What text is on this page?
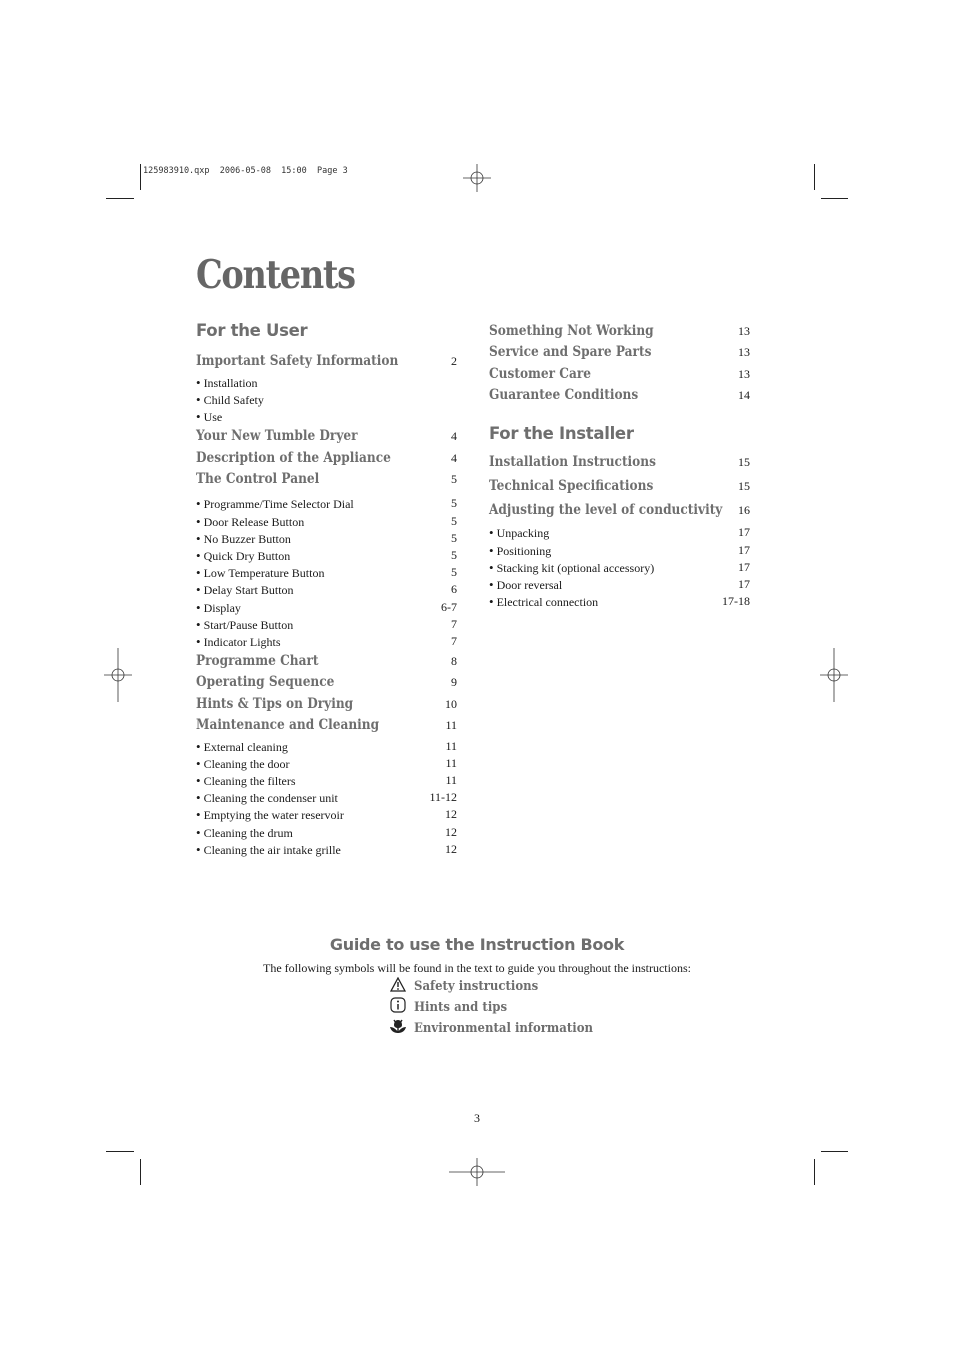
125983910.qxp  2006-05-08  15:00  Page 3
Contents
For the User
Important Safety Information	2
• Installation
• Child Safety
• Use
Your New Tumble Dryer	4
Description of the Appliance	4
The Control Panel	5
• Programme/Time Selector Dial	5
• Door Release Button	5
• No Buzzer Button	5
• Quick Dry Button	5
• Low Temperature Button	5
• Delay Start Button	6
• Display	6-7
• Start/Pause Button	7
• Indicator Lights	7
Programme Chart	8
Operating Sequence	9
Hints & Tips on Drying	10
Maintenance and Cleaning	11
• External cleaning	11
• Cleaning the door	11
• Cleaning the filters	11
• Cleaning the condenser unit	11-12
• Emptying the water reservoir	12
• Cleaning the drum	12
• Cleaning the air intake grille	12
Something Not Working	13
Service and Spare Parts	13
Customer Care	13
Guarantee Conditions	14
For the Installer
Installation Instructions	15
Technical Specifications	15
Adjusting the level of conductivity	16
• Unpacking	17
• Positioning	17
• Stacking kit (optional accessory)	17
• Door reversal	17
• Electrical connection	17-18
Guide to use the Instruction Book
The following symbols will be found in the text to guide you throughout the instructions:
Safety instructions
Hints and tips
Environmental information
3
